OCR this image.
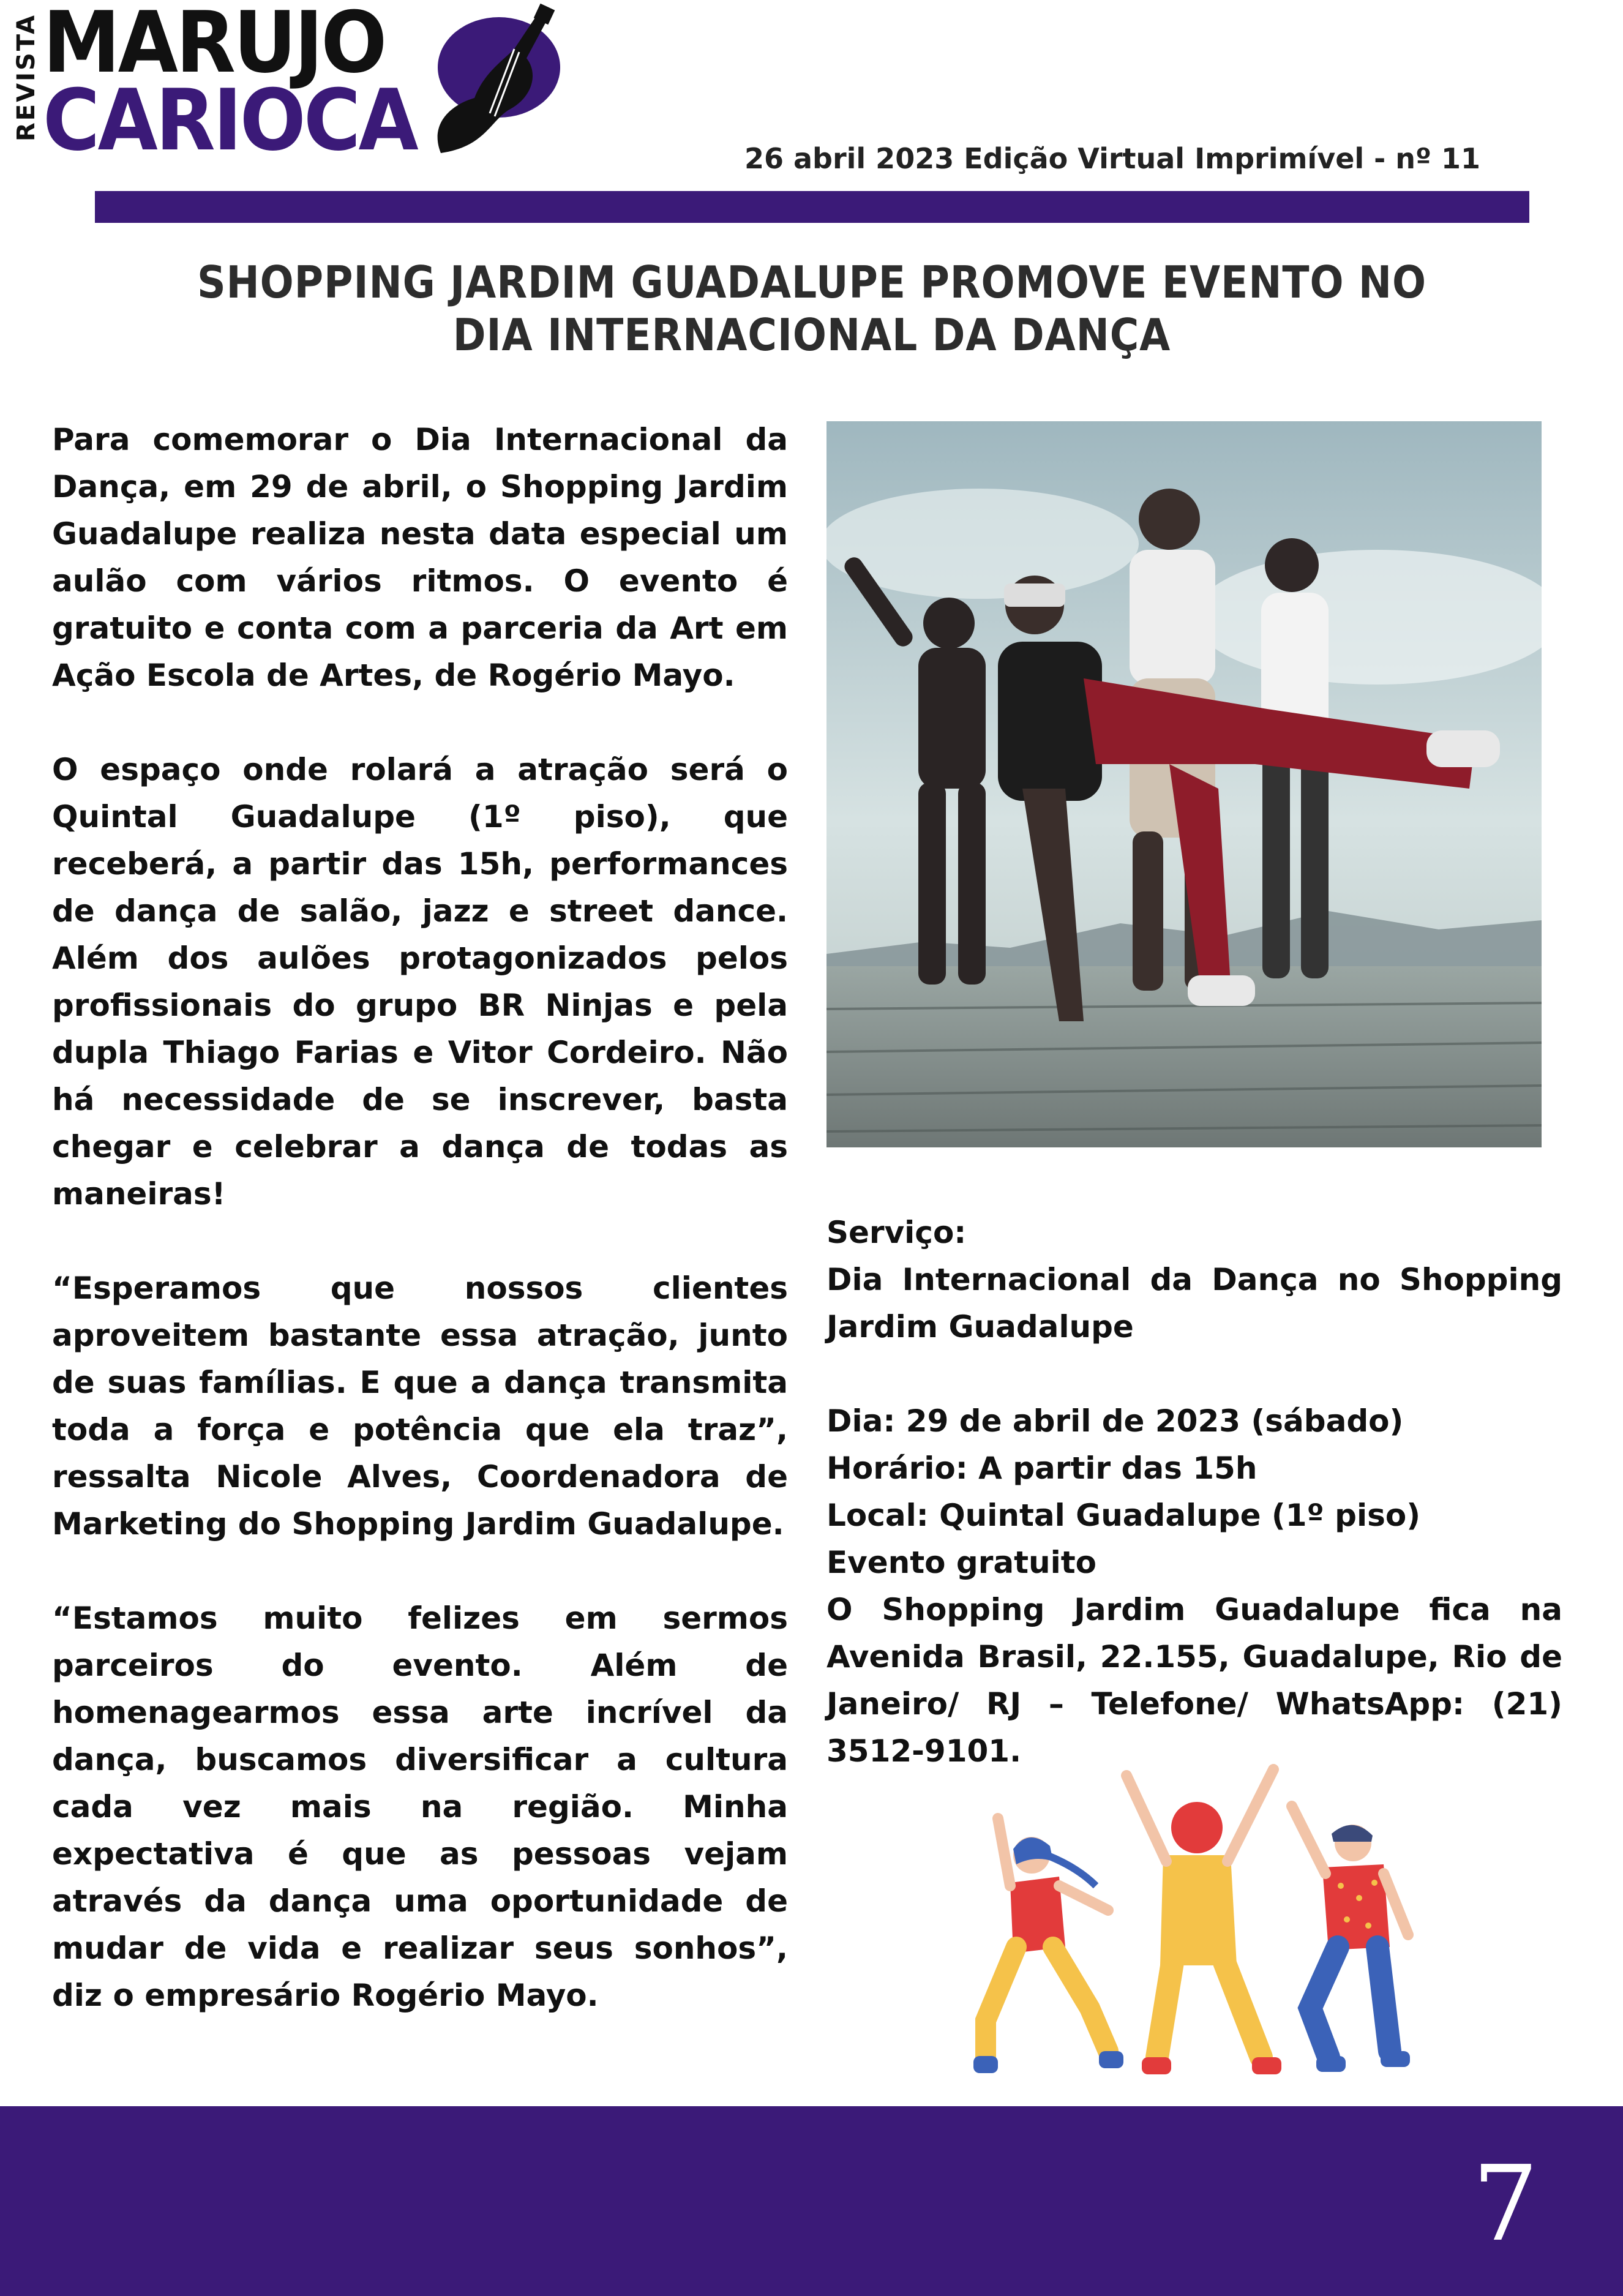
REVISTA MARUJO
CARIOCA	26 abril 2023 Edição Virtual Imprimível - nº 11
SHOPPING JARDIM GUADALUPE PROMOVE EVENTO NO DIA INTERNACIONAL DA DANÇA

Para comemorar o Dia Internacional da Dança, em 29 de abril, o Shopping Jardim Guadalupe realiza nesta data especial um aulão com vários ritmos. O evento é gratuito e conta com a parceria da Art em Ação Escola de Artes, de Rogério Mayo.

O espaço onde rolará a atração será o Quintal Guadalupe (1º piso), que receberá, a partir das 15h, performances de dança de salão, jazz e street dance. Além dos aulões protagonizados pelos profissionais do grupo BR Ninjas e pela dupla Thiago Farias e Vitor Cordeiro. Não há necessidade de se inscrever, basta chegar e celebrar a dança de todas as maneiras!

“Esperamos que nossos clientes aproveitem bastante essa atração, junto de suas famílias. E que a dança transmita toda a força e potência que ela traz”, ressalta Nicole Alves, Coordenadora de Marketing do Shopping Jardim Guadalupe.

“Estamos muito felizes em sermos parceiros do evento. Além de homenagearmos essa arte incrível da dança, buscamos diversificar a cultura cada vez mais na região. Minha expectativa é que as pessoas vejam através da dança uma oportunidade de mudar de vida e realizar seus sonhos”, diz o empresário Rogério Mayo.

Serviço:

Dia Internacional da Dança no Shopping Jardim Guadalupe

Dia: 29 de abril de 2023 (sábado)

Horário: A partir das 15h

Local: Quintal Guadalupe (1º piso)

Evento gratuito

O Shopping Jardim Guadalupe fica na Avenida Brasil, 22.155, Guadalupe, Rio de Janeiro/ RJ – Telefone/ WhatsApp: (21) 3512-9101.

7
